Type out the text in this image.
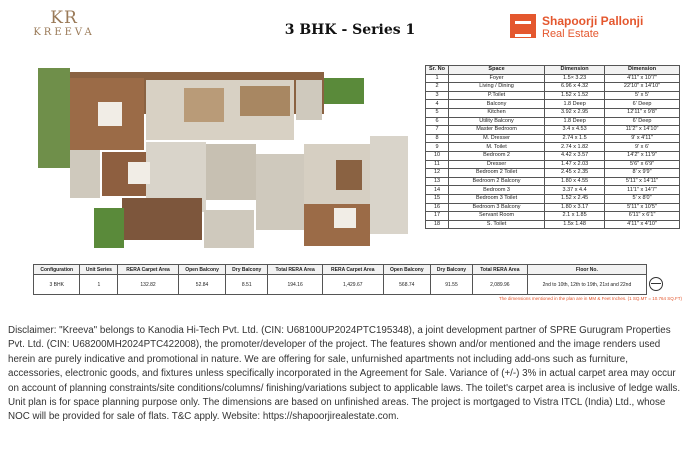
KR
KREEVA	3 BHK - Series 1
Shapoorji Pallonji
Real Estate
Sr. No	Space	Dimension	Dimension
1	Foyer	1.5× 3.23	4'11" x 10'7"
2	Living / Dining	6.96 x 4.32	22'10" x 14'10"
3	P.Toilet	1.52 x 1.52	5' x 5'
4	Balcony	1.8 Deep	6' Deep
5	Kitchen	3.92 x 2.95	12'11" x 9'8"
6	Utility Balcony	1.8 Deep	6' Deep
7	Master Bedroom	3.4 x 4.53	11'2" x 14'10"
8	M. Dresser	2.74 x 1.5	9' x 4'11"
9	M. Toilet	2.74 x 1.82	9' x 6'
10	Bedroom 2	4.42 x 3.57	14'2" x 11'9"
11	Dresser	1.47 x 2.03	5'6" x 6'9"
12	Bedroom 2 Toilet	2.45 x 2.35	8' x 9'9"
13	Bedroom 2 Balcony	1.80 x 4.55	5'11" x 14'11"
14	Bedroom 3	3.37 x 4.4	11'1" x 14'7"
15	Bedroom 3 Toilet	1.52 x 2.45	5' x 8'0"
16	Bedroom 3 Balcony	1.80 x 3.17	5'11" x 10'5"
17	Servant Room	2.1 x 1.85	6'11" x 6'1"
18	S. Toilet	1.5x 1.48	4'11" x 4'10"
Configuration	Unit Series	RERA Carpet Area	Open Balcony	Dry Balcony	Total RERA Area	RERA Carpet Area	Open Balcony	Dry Balcony	Total RERA Area	Floor No.
3 BHK	1	132.82	52.84	8.51	194.16	1,429.67	568.74	91.55	2,089.96	2nd to 10th, 12th to 19th, 21st and 22nd
The dimensions mentioned in the plan are in MM & Feet Inches. (1 SQ.MT = 10.764 SQ.FT)
Disclaimer: "Kreeva" belongs to Kanodia Hi-Tech Pvt. Ltd. (CIN: U68100UP2024PTC195348), a joint development partner of SPRE Gurugram Properties Pvt. Ltd. (CIN: U68200MH2024PTC422008), the promoter/developer of the project. The features shown and/or mentioned and the image renders used herein are purely indicative and promotional in nature. We are offering for sale, unfurnished apartments not including add-ons such as furniture, accessories, electronic goods, and fixtures unless specifically incorporated in the Agreement for Sale. Variance of (+/-) 3% in actual carpet area may occur on account of planning constraints/site conditions/columns/ finishing/variations subject to applicable laws. The toilet's carpet area is inclusive of ledge walls. Unit plan is for space planning purpose only. The dimensions are based on unfinished areas. The project is mortgaged to Vistra ITCL (India) Ltd., whose NOC will be provided for sale of flats. T&C apply. Website: https://shapoorjirealestate.com.
